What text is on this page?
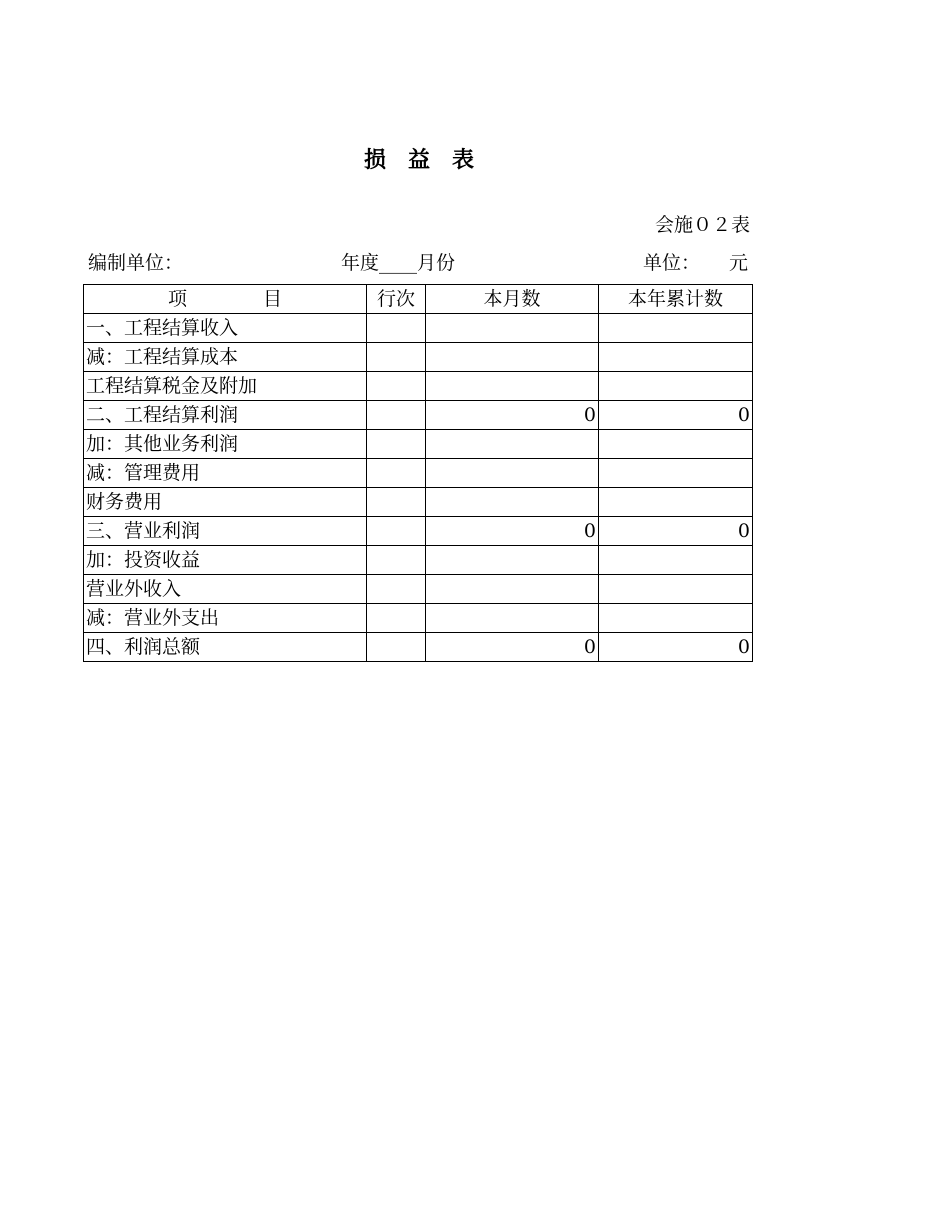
损　益　表
会施０２表
编制单位：	年度____月份	单位： 元
项　　　　目	行次	本月数	本年累计数
一、工程结算收入			
减：工程结算成本			
工程结算税金及附加			
二、工程结算利润		0	0
加：其他业务利润			
减：管理费用			
财务费用			
三、营业利润		0	0
加：投资收益			
营业外收入			
减：营业外支出			
四、利润总额		0	0
